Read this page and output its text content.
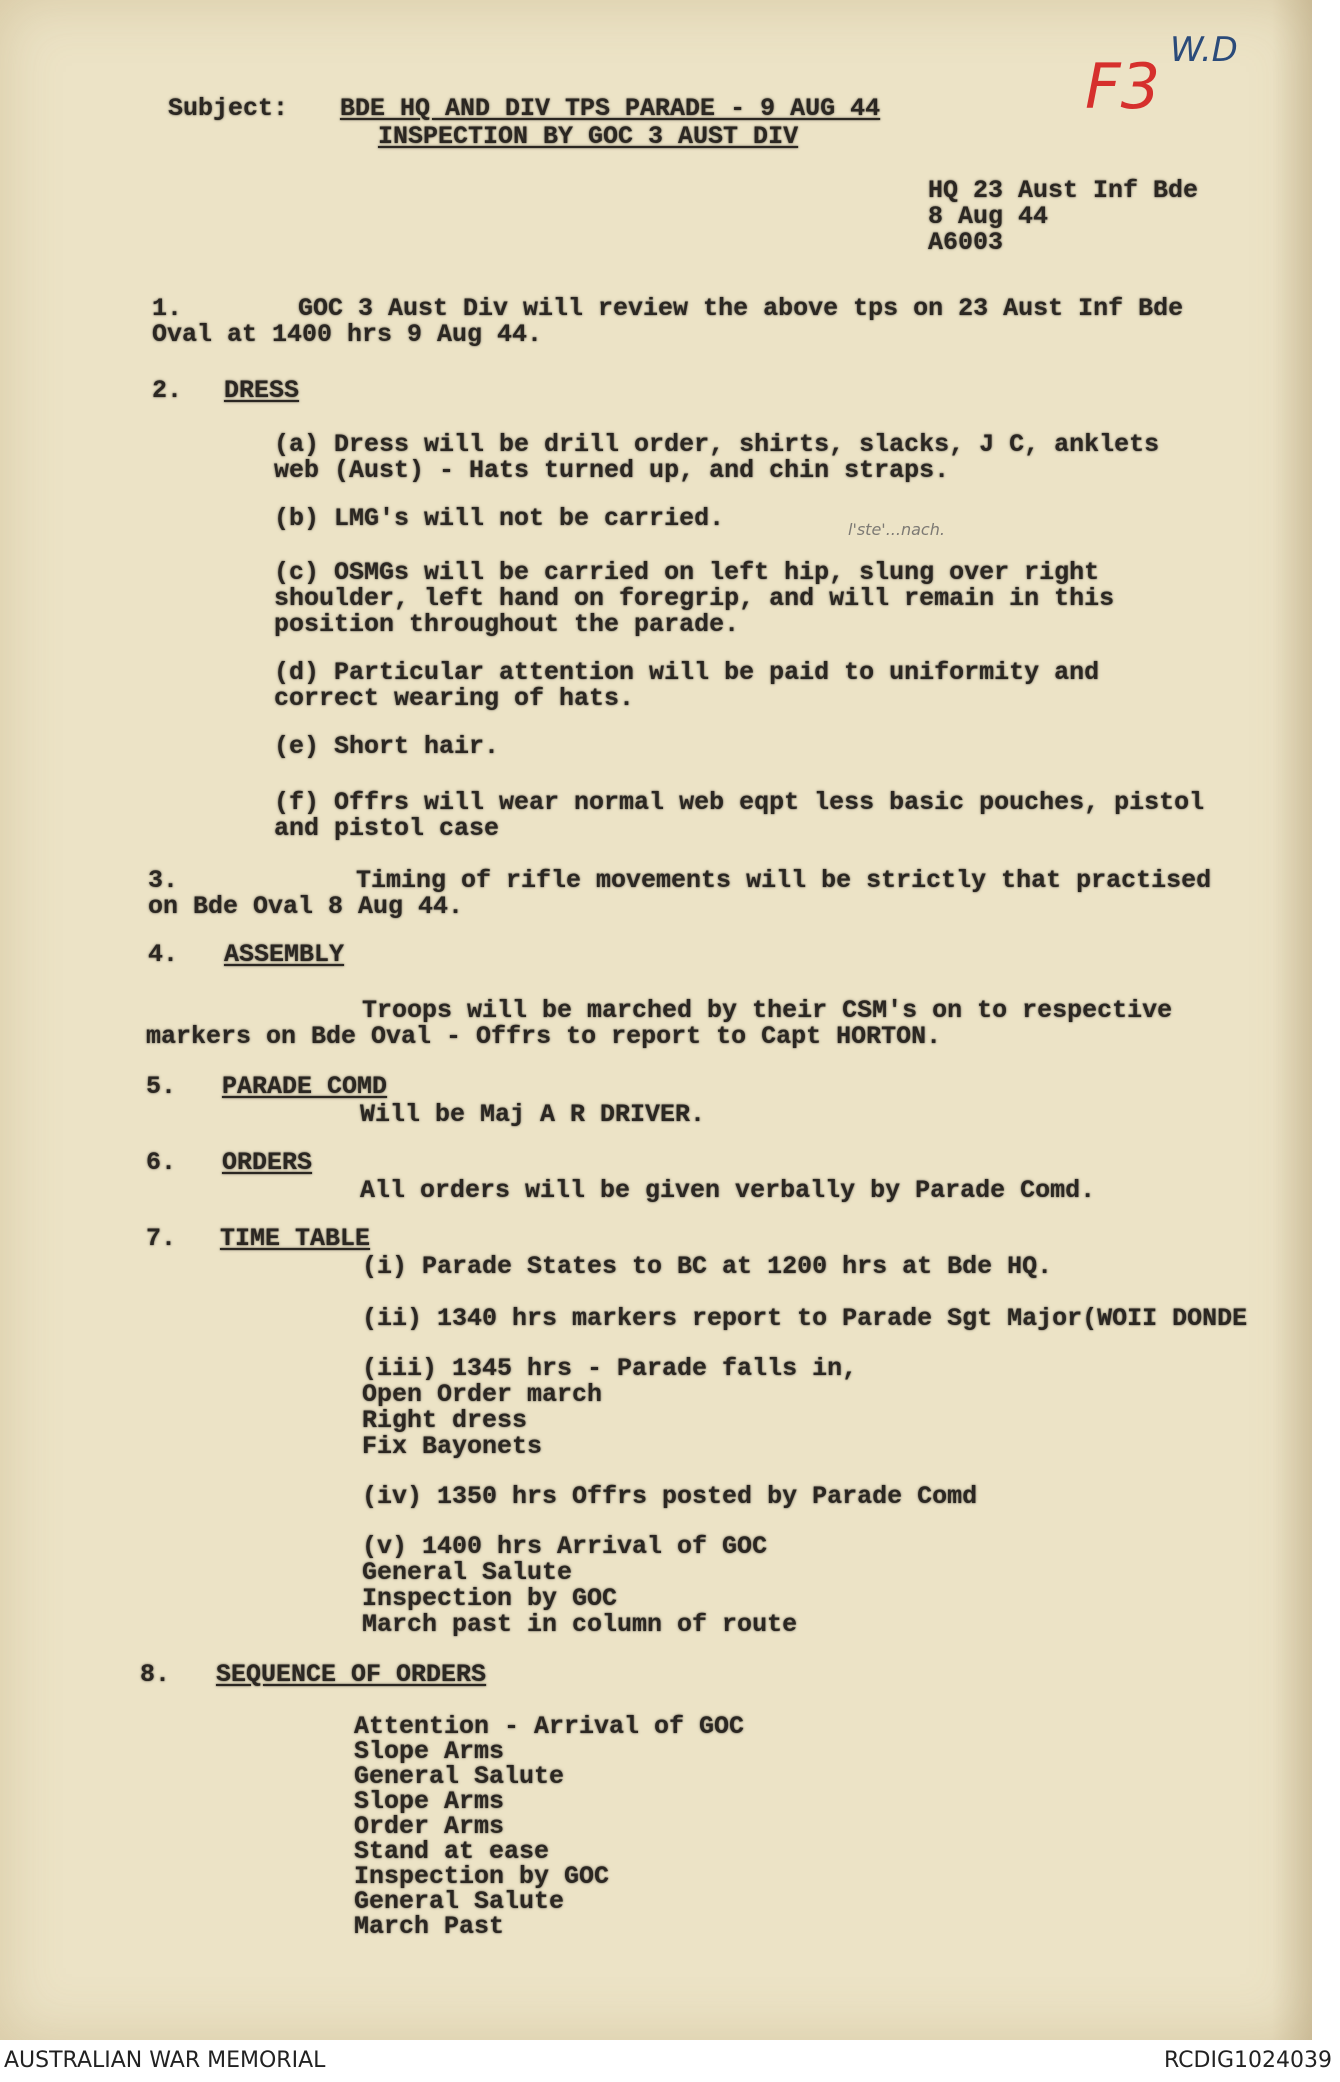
W.D
F3
Subject: BDE HQ AND DIV TPS PARADE - 9 AUG 44
INSPECTION BY GOC 3 AUST DIV
HQ 23 Aust Inf Bde
8 Aug 44
A6003
1.	GOC 3 Aust Div will review the above tps on 23 Aust Inf Bde
Oval at 1400 hrs 9 Aug 44.
2. DRESS
(a) Dress will be drill order, shirts, slacks, J C, anklets
web (Aust) - Hats turned up, and chin straps.
(b) LMG's will not be carried.	l'ste'...nach.
(c) OSMGs will be carried on left hip, slung over right
shoulder, left hand on foregrip, and will remain in this
position throughout the parade.
(d) Particular attention will be paid to uniformity and
correct wearing of hats.
(e) Short hair.
(f) Offrs will wear normal web eqpt less basic pouches, pistol
and pistol case
3.	Timing of rifle movements will be strictly that practised
on Bde Oval 8 Aug 44.
4. ASSEMBLY
Troops will be marched by their CSM's on to respective
markers on Bde Oval - Offrs to report to Capt HORTON.
5. PARADE COMD
Will be Maj A R DRIVER.
6. ORDERS
All orders will be given verbally by Parade Comd.
7. TIME TABLE
(i) Parade States to BC at 1200 hrs at Bde HQ.
(ii) 1340 hrs markers report to Parade Sgt Major(WOII DONDE
(iii) 1345 hrs - Parade falls in,
Open Order march
Right dress
Fix Bayonets
(iv) 1350 hrs Offrs posted by Parade Comd
(v) 1400 hrs Arrival of GOC
General Salute
Inspection by GOC
March past in column of route
8. SEQUENCE OF ORDERS
Attention - Arrival of GOC
Slope Arms
General Salute
Slope Arms
Order Arms
Stand at ease
Inspection by GOC
General Salute
March Past
AUSTRALIAN WAR MEMORIAL	RCDIG1024039
